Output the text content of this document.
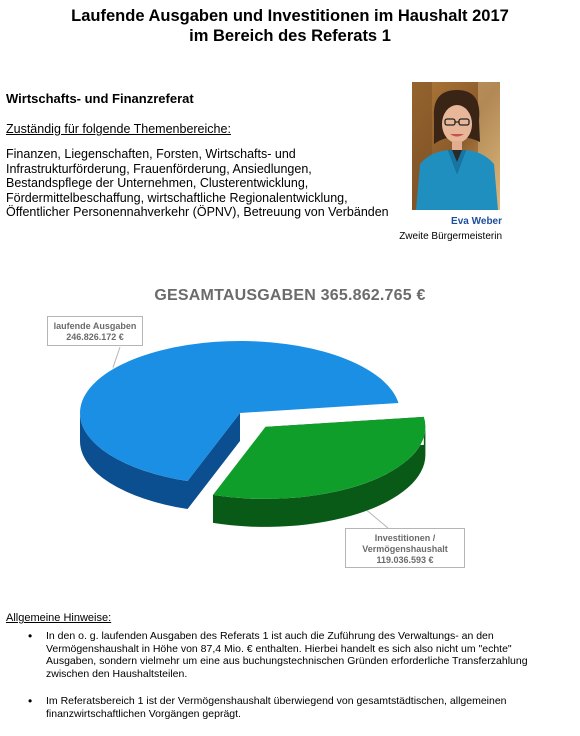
Laufende Ausgaben und Investitionen im Haushalt 2017
im Bereich des Referats 1
Wirtschafts- und Finanzreferat
Zuständig für folgende Themenbereiche:
Finanzen, Liegenschaften, Forsten, Wirtschafts- und
Infrastrukturförderung, Frauenförderung, Ansiedlungen,
Bestandspflege der Unternehmen, Clusterentwicklung,
Fördermittelbeschaffung, wirtschaftliche Regionalentwicklung,
Öffentlicher Personennahverkehr (ÖPNV), Betreuung von Verbänden
Eva Weber
Zweite Bürgermeisterin
GESAMTAUSGABEN 365.862.765 €
laufende Ausgaben
246.826.172 €
Investitionen /
Vermögenshaushalt
119.036.593 €
Allgemeine Hinweise:
• In den o. g. laufenden Ausgaben des Referats 1 ist auch die Zuführung des Verwaltungs- an den Vermögenshaushalt in Höhe von 87,4 Mio. € enthalten. Hierbei handelt es sich also nicht um "echte" Ausgaben, sondern vielmehr um eine aus buchungstechnischen Gründen erforderliche Transferzahlung zwischen den Haushaltsteilen.
• Im Referatsbereich 1 ist der Vermögenshaushalt überwiegend von gesamtstädtischen, allgemeinen finanzwirtschaftlichen Vorgängen geprägt.
